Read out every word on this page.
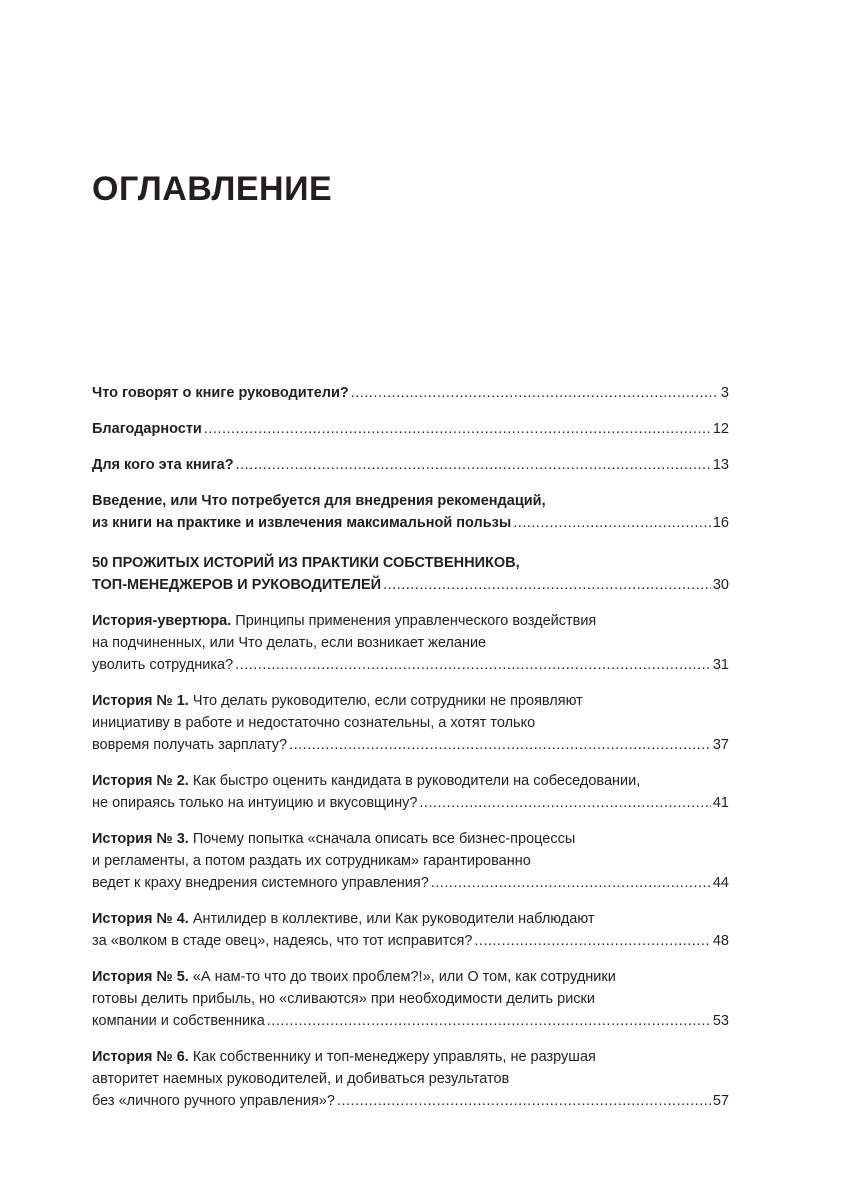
ОГЛАВЛЕНИЕ
Что говорят о книге руководители? .....	3
Благодарности .....	12
Для кого эта книга? .....	13
Введение, или Что потребуется для внедрения рекомендаций,
из книги на практике и извлечения максимальной пользы .....	16
50 ПРОЖИТЫХ ИСТОРИЙ ИЗ ПРАКТИКИ СОБСТВЕННИКОВ,
ТОП-МЕНЕДЖЕРОВ И РУКОВОДИТЕЛЕЙ .....	30
История-увертюра. Принципы применения управленческого воздействия
на подчиненных, или Что делать, если возникает желание
уволить сотрудника? .....	31
История № 1. Что делать руководителю, если сотрудники не проявляют
инициативу в работе и недостаточно сознательны, а хотят только
вовремя получать зарплату? .....	37
История № 2. Как быстро оценить кандидата в руководители на собеседовании,
не опираясь только на интуицию и вкусовщину? .....	41
История № 3. Почему попытка «сначала описать все бизнес-процессы
и регламенты, а потом раздать их сотрудникам» гарантированно
ведет к краху внедрения системного управления? .....	44
История № 4. Антилидер в коллективе, или Как руководители наблюдают
за «волком в стаде овец», надеясь, что тот исправится? .....	48
История № 5. «А нам-то что до твоих проблем?!», или О том, как сотрудники
готовы делить прибыль, но «сливаются» при необходимости делить риски
компании и собственника .....	53
История № 6. Как собственнику и топ-менеджеру управлять, не разрушая
авторитет наемных руководителей, и добиваться результатов
без «личного ручного управления»? .....	57
